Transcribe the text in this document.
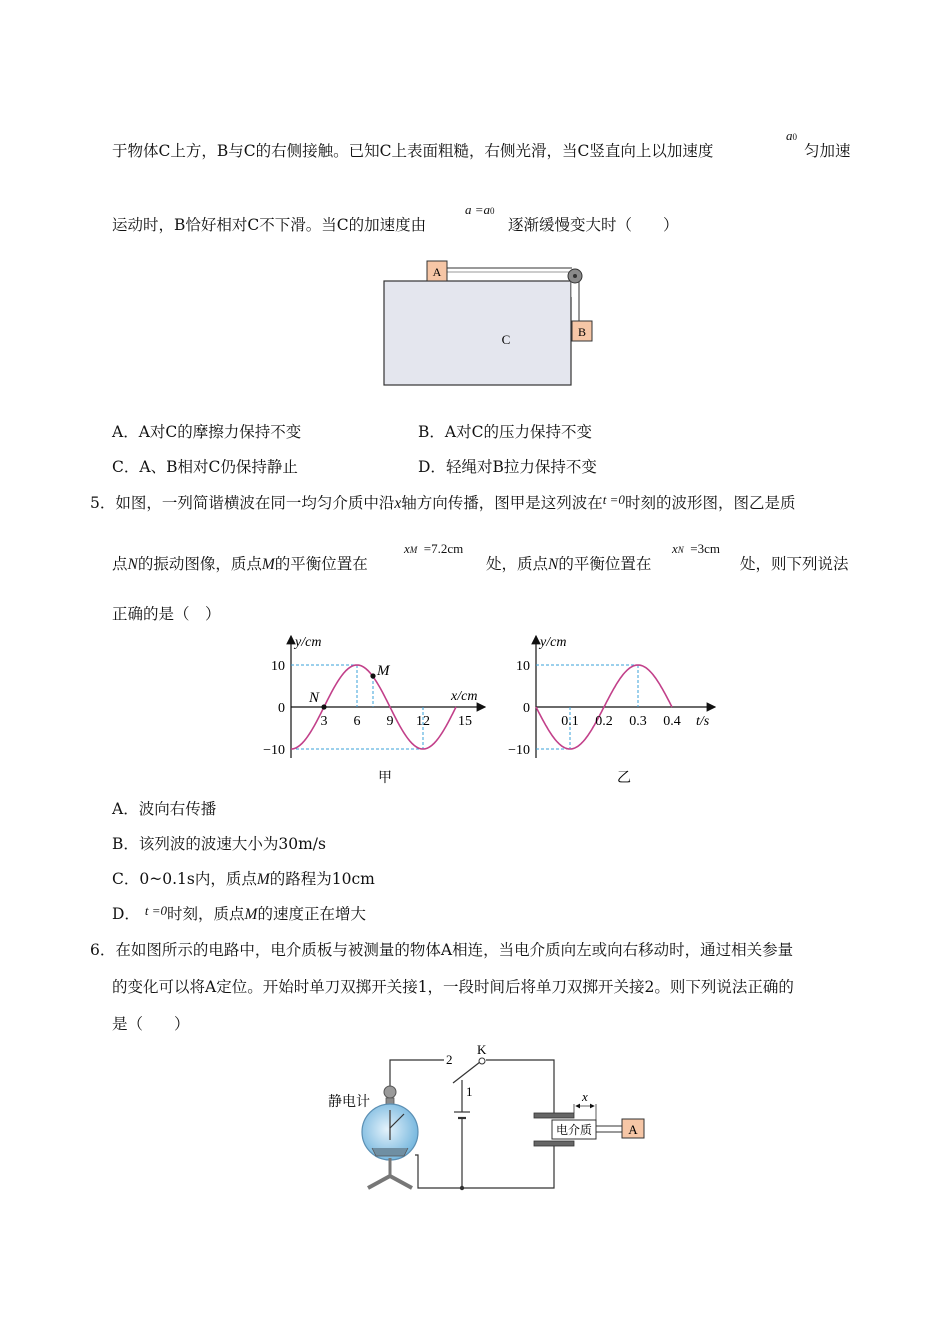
于物体C上方，B与C的右侧接触。已知C上表面粗糙，右侧光滑，当C竖直向上以加速度
a0
匀加速
运动时，B恰好相对C不下滑。当C的加速度由
a =a0
逐渐缓慢变大时（　　）
A
B
C
A．A对C的摩擦力保持不变	B．A对C的压力保持不变
C．A、B相对C仍保持静止	D．轻绳对B拉力保持不变
5．如图，一列简谐横波在同一均匀介质中沿x轴方向传播，图甲是这列波在$^{t =0}$时刻的波形图，图乙是质
点N的振动图像，质点M的平衡位置在
xM =7.2cm
处，质点N的平衡位置在
xN =3cm
处，则下列说法
正确的是（　）
y/cm
x/cm
10
0
−10
3 6 9 12 15
N
M
甲
y/cm
10
0
−10
0.1 0.2 0.3 0.4 t/s
乙
A．波向右传播
B．该列波的波速大小为30m/s
C．0~0.1s内，质点M的路程为10cm
D． $^{t =0}$时刻，质点M的速度正在增大
6．在如图所示的电路中，电介质板与被测量的物体A相连，当电介质向左或向右移动时，通过相关参量
的变化可以将A定位。开始时单刀双掷开关接1，一段时间后将单刀双掷开关接2。则下列说法正确的
是（　　）
电介质	A
x
2
K
1
静电计
